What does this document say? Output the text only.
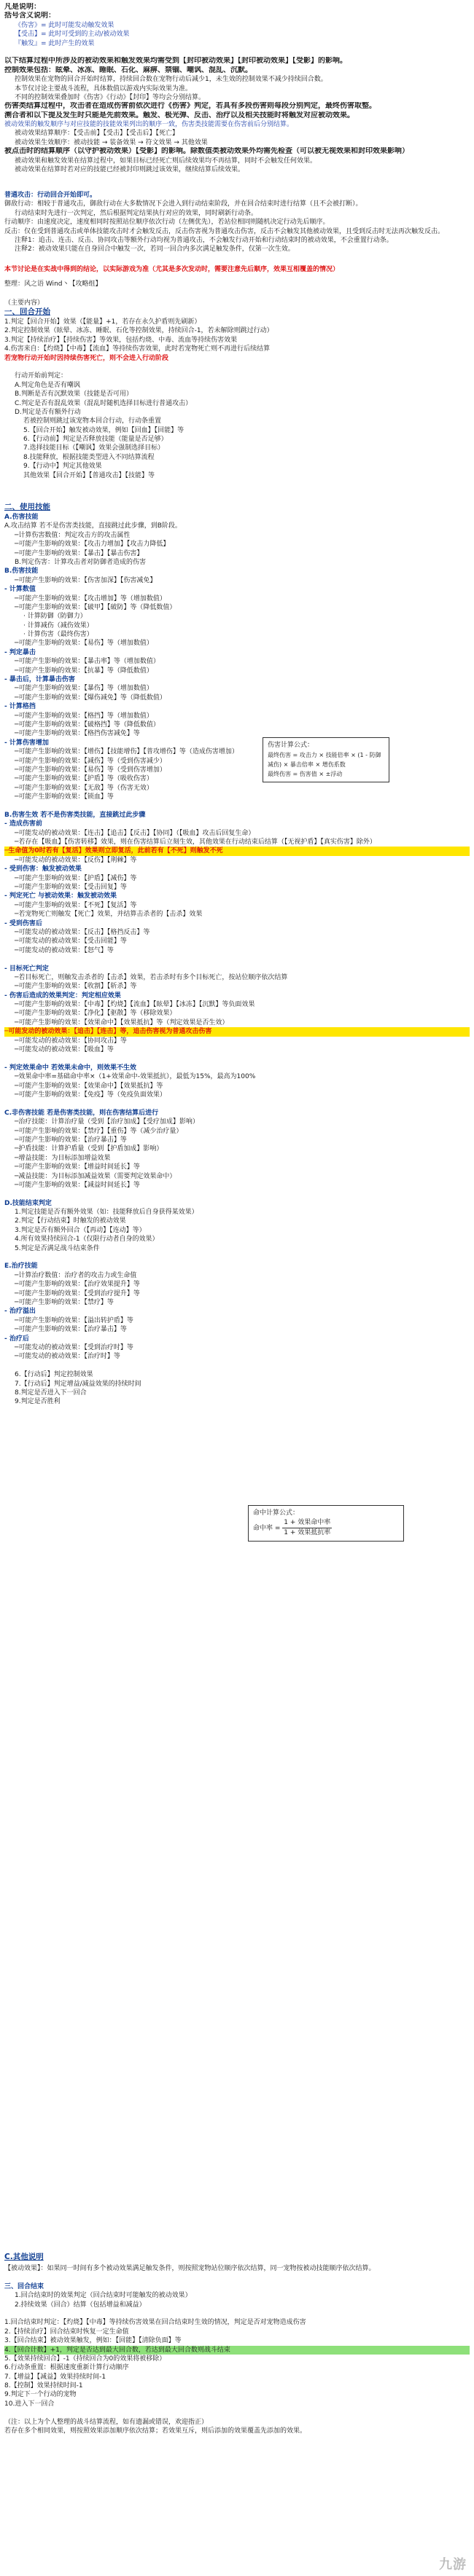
凡是说明：
括号含义说明：
《伤害》= 此时可能发动触发效果
【受击】= 此时可受到的主动/被动效果
『触发』= 此时产生的效果
以下结算过程中所涉及的被动效果和触发效果均需受到【封印被动效果】【封印被动效果】【受影】的影响。
控制效果包括：眩晕、冰冻、睡眠、石化、麻痹、禁锢、嘲讽、混乱、沉默。
控制效果在宠物的回合开始时结算，持续回合数在宠物行动后减少1，未生效的控制效果不减少持续回合数。
本节仅讨论主要战斗流程，具体数值以游戏内实际效果为准。
不同的控制效果叠加时《伤害》《行动》【封印】等均会分别结算。
伤害类结算过程中，攻击者在造成伤害前依次进行《伤害》判定，若具有多段伤害则每段分别判定，最终伤害取整。
溯合者和以下提及发生时只能是先前效果。触发、极光弹、反击、治疗以及相关技能时将触发对应被动效果。
被动效果的触发顺序与对应技能的技能效果列出的顺序一致，伤害类技能需要在伤害前后分别结算。
被动效果结算顺序：【受击前】【受击】【受击后】【死亡】
被动效果生效顺序：被动技能 → 装备效果 → 符文效果 → 其他效果
被点击时的结算顺序（以守护被动效果）【受影】的影响。除数值类被动效果外均需先检查（可以被无视效果和封印效果影响）
被动效果和触发效果在结算过程中，如果目标已经死亡则后续效果均不再结算，同时不会触发任何效果。
被动效果在结算时若对应的技能已经被封印则跳过该效果，继续结算后续效果。
普通攻击：行动回合开始即可。
御敌行动：相较于普通攻击，御敌行动在大多数情况下会进入到行动结束阶段，并在回合结束时进行结算（且不会被打断）。
行动结束时先进行一次判定，然后根据判定结果执行对应的效果，同时刷新行动条。
行动顺序：由速度决定，速度相同时按照站位顺序依次行动（左侧优先），若站位相同则随机决定行动先后顺序。
反击：仅在受到普通攻击或单体技能攻击时才会触发反击，反击伤害视为普通攻击伤害，反击不会触发其他被动效果，且受到反击时无法再次触发反击。
注释1：追击、连击、反击、协同攻击等额外行动均视为普通攻击，不会触发行动开始和行动结束时的被动效果，不会重置行动条。
注释2：被动效果只能在自身回合中触发一次，若同一回合内多次满足触发条件，仅第一次生效。
本节讨论是在实战中得到的结论，以实际游戏为准（尤其是多次发动时，需要注意先后顺序，效果互相覆盖的情况）
整理：风之语 Wind丶【攻略组】
（主要内容）
一、回合开始
1.判定【回合开始】效果（【能量】+1，若存在永久护盾则先刷新）
2.判定控制效果（眩晕、冰冻、睡眠、石化等控制效果，持续回合-1，若未解除则跳过行动）
3.判定【持续治疗】【持续伤害】等效果，包括灼烧、中毒、流血等持续伤害效果
4.伤害来自：【灼烧】【中毒】【流血】等持续伤害效果，此时若宠物死亡则不再进行后续结算
若宠物行动开始时因持续伤害死亡，则不会进入行动阶段
行动开始前判定：
A.判定角色是否有嘲讽
B.判断是否有沉默效果（技能是否可用）
C.判定是否有混乱效果（混乱时随机选择目标进行普通攻击）
D.判定是否有额外行动
若被控制则跳过该宠物本回合行动，行动条重置
5.【回合开始】触发被动效果，例如【回血】【回能】等
6.【行动前】判定是否释放技能（能量是否足够）
7.选择技能目标（【嘲讽】效果会强制选择目标）
8.技能释放，根据技能类型进入不同结算流程
9.【行动中】判定其他效果
其他效果【回合开始】【普通攻击】【技能】等
二、使用技能
A.伤害技能
A.攻击结算 若不是伤害类技能，直接跳过此步骤，到B阶段。
─计算伤害数值：判定攻击方的攻击属性
─可能产生影响的效果：【攻击力增加】【攻击力降低】
─可能产生影响的效果：【暴击】【暴击伤害】
B.判定伤害：计算攻击者对防御者造成的伤害
B.伤害技能
─可能产生影响的效果：【伤害加深】【伤害减免】
- 计算数值
─可能产生影响的效果：【攻击增加】等（增加数值）
─可能产生影响的效果：【破甲】【破防】等（降低数值）
· 计算防御（防御力）
· 计算减伤（减伤效果）
· 计算伤害（最终伤害）
─可能产生影响的效果：【易伤】等（增加数值）
- 判定暴击
─可能产生影响的效果：【暴击率】等（增加数值）
─可能产生影响的效果：【抗暴】等（降低数值）
- 暴击后，计算暴击伤害
─可能产生影响的效果：【暴伤】等（增加数值）
─可能产生影响的效果：【爆伤减免】等（降低数值）
- 计算格挡
─可能产生影响的效果：【格挡】等（增加数值）
─可能产生影响的效果：【破格挡】等（降低数值）
─可能产生影响的效果：【格挡伤害减免】等
- 计算伤害增加
─可能产生影响的效果：【增伤】【技能增伤】【普攻增伤】等（造成伤害增加）
─可能产生影响的效果：【减伤】等（受到伤害减少）
─可能产生影响的效果：【易伤】等（受到伤害增加）
─可能产生影响的效果：【护盾】等（吸收伤害）
─可能产生影响的效果：【无敌】等（伤害无效）
─可能产生影响的效果：【锁血】等
B.伤害生效 若不是伤害类技能，直接跳过此步骤
- 造成伤害前
─可能发动的被动效果：【连击】【追击】【反击】【协同】（【吸血】攻击后回复生命）
─若存在【吸血】【伤害转移】效果，则在伤害结算后立刻生效，其他效果在行动结束后结算（【无视护盾】【真实伤害】除外）
─生命值为0时若有【复活】效果则立即复活，此前若有【不死】则触发不死
─可能发动的被动效果：【反伤】【荆棘】等
- 受到伤害：触发被动效果
─可能产生影响的效果：【护盾】【减伤】等
─可能产生影响的效果：【受击回复】等
- 判定死亡 与被动效果：触发被动效果
─可能产生影响的效果：【不死】【复活】等
─若宠物死亡则触发【死亡】效果，并结算击杀者的【击杀】效果
- 受到伤害后
─可能发动的被动效果：【反击】【格挡反击】等
─可能发动的被动效果：【受击回能】等
─可能发动的被动效果：【怒气】等
- 目标死亡判定
─若目标死亡，则触发击杀者的【击杀】效果，若击杀时有多个目标死亡，按站位顺序依次结算
─可能产生影响的效果：【收割】【斩杀】等
- 伤害后造成的效果判定：判定相应效果
─可能产生影响的效果：【中毒】【灼烧】【流血】【眩晕】【冰冻】【沉默】等负面效果
─可能产生影响的效果：【净化】【驱散】等（移除效果）
─可能产生影响的效果：【效果命中】【效果抵抗】等（判定效果是否生效）
─可能发动的被动效果：【追击】【连击】等，追击伤害视为普通攻击伤害
─可能发动的被动效果：【协同攻击】等
─可能发动的被动效果：【吸血】等
- 判定效果命中 若效果未命中，则效果不生效
─效果命中率=基础命中率×（1+效果命中-效果抵抗），最低为15%，最高为100%
─可能产生影响的效果：【效果命中】【效果抵抗】等
─可能产生影响的效果：【免疫】等（免疫负面效果）
C.非伤害技能 若是伤害类技能，则在伤害结算后进行
─治疗技能：计算治疗量（受到【治疗加成】【受疗加成】影响）
─可能产生影响的效果：【禁疗】【重伤】等（减少治疗量）
─可能产生影响的效果：【治疗暴击】等
─护盾技能：计算护盾量（受到【护盾加成】影响）
─增益技能：为目标添加增益效果
─可能产生影响的效果：【增益时间延长】等
─减益技能：为目标添加减益效果（需要判定效果命中）
─可能产生影响的效果：【减益时间延长】等
D.技能结束判定
1.判定技能是否有额外效果（如：技能释放后自身获得某效果）
2.判定【行动结束】时触发的被动效果
3.判定是否有额外回合（【再动】【连动】等）
4.所有效果持续回合-1（仅限行动者自身的效果）
5.判定是否满足战斗结束条件
E.治疗技能
─计算治疗数值：治疗者的攻击力或生命值
─可能产生影响的效果：【治疗效果提升】等
─可能产生影响的效果：【受到治疗提升】等
─可能产生影响的效果：【禁疗】等
- 治疗溢出
─可能产生影响的效果：【溢出转护盾】等
─可能产生影响的效果：【治疗暴击】等
- 治疗后
─可能发动的被动效果：【受到治疗时】等
─可能发动的被动效果：【治疗时】等
6.【行动后】判定控制效果
7.【行动后】判定增益/减益效果的持续时间
8.判定是否进入下一回合
9.判定是否胜利
伤害计算公式：
最终伤害 = 攻击力 × 技能倍率 × (1 - 防御减伤) × 暴击倍率 × 增伤系数
最终伤害 = 伤害值 × ±浮动
命中计算公式：
命中率 = $\frac{\text{1 + 效果命中率}}{\text{1 + 效果抵抗率}}$
C.其他说明
【被动效果】：如果同一时间有多个被动效果满足触发条件，则按照宠物站位顺序依次结算，同一宠物按被动技能顺序依次结算。
三、回合结束
1.回合结束时的效果判定（回合结束时可能触发的被动效果）
2.持续效果（回合）结算（包括增益和减益）
1.回合结束时判定：【灼烧】【中毒】等持续伤害效果在回合结束时生效的情况，判定是否对宠物造成伤害
2.【持续治疗】回合结束时恢复一定生命值
3.【回合结束】被动效果触发，例如：【回能】【清除负面】等
4.【回合计数】+1，判定是否达到最大回合数，若达到最大回合数则战斗结束
5.【效果持续回合】-1（持续回合为0的效果将被移除）
6.行动条重置：根据速度重新计算行动顺序
7.【增益】【减益】效果持续时间-1
8.【控制】效果持续时间-1
9.判定下一个行动的宠物
10.进入下一回合
（注：以上为个人整理的战斗结算流程，如有遗漏或错误，欢迎指正）
若存在多个相同效果，则按照效果添加顺序依次结算；若效果互斥，则后添加的效果覆盖先添加的效果。
九游
